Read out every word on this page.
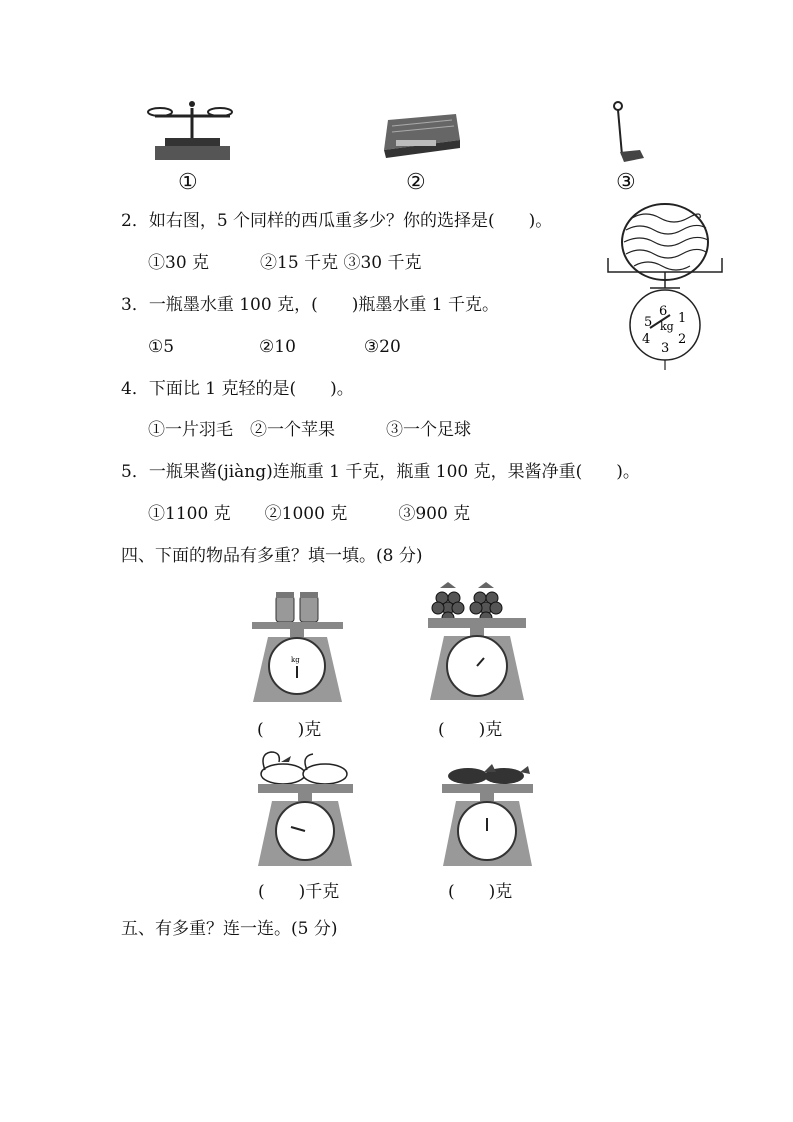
①	②	③
2．如右图，5 个同样的西瓜重多少？你的选择是(　　)。
①30 克　　　②15 千克 ③30 千克
3．一瓶墨水重 100 克，(　　)瓶墨水重 1 千克。
①5　　　　　②10　　　　③20
4．下面比 1 克轻的是(　　)。
①一片羽毛　②一个苹果　　　③一个足球
5．一瓶果酱(jiàng)连瓶重 1 千克，瓶重 100 克，果酱净重(　　)。
①1100 克　　②1000 克　　　③900 克
6 1
5 kg
4
3
2
四、下面的物品有多重？填一填。(8 分)
kg
(　　)克	(　　)克
(　　)千克	(　　)克
五、有多重？连一连。(5 分)
